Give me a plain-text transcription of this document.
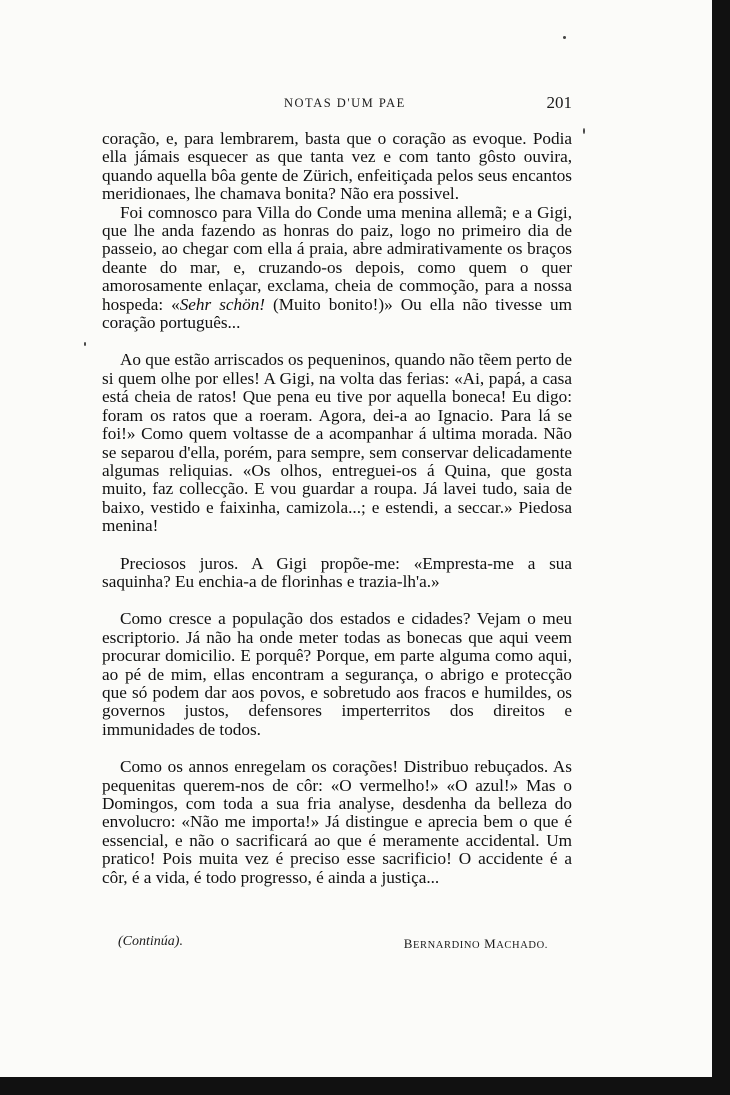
NOTAS D'UM PAE	201

coração, e, para lembrarem, basta que o coração as evoque. Podia ella jámais esquecer as que tanta vez e com tanto gôsto ouvira, quando aquella bôa gente de Zürich, enfeitiçada pelos seus encantos meridionaes, lhe chamava bonita? Não era possivel.

Foi comnosco para Villa do Conde uma menina allemã; e a Gigi, que lhe anda fazendo as honras do paiz, logo no primeiro dia de passeio, ao chegar com ella á praia, abre admirativamente os braços deante do mar, e, cruzando-os depois, como quem o quer amorosamente enlaçar, exclama, cheia de commoção, para a nossa hospeda: «Sehr schön! (Muito bonito!)» Ou ella não tivesse um coração português...

Ao que estão arriscados os pequeninos, quando não tẽem perto de si quem olhe por elles! A Gigi, na volta das ferias: «Ai, papá, a casa está cheia de ratos! Que pena eu tive por aquella boneca! Eu digo: foram os ratos que a roeram. Agora, dei-a ao Ignacio. Para lá se foi!» Como quem voltasse de a acompanhar á ultima morada. Não se separou d'ella, porém, para sempre, sem conservar delicadamente algumas reliquias. «Os olhos, entreguei-os á Quina, que gosta muito, faz collecção. E vou guardar a roupa. Já lavei tudo, saia de baixo, vestido e faixinha, camizola...; e estendi, a seccar.» Piedosa menina!

Preciosos juros. A Gigi propõe-me: «Empresta-me a sua saquinha? Eu enchia-a de florinhas e trazia-lh'a.»

Como cresce a população dos estados e cidades? Vejam o meu escriptorio. Já não ha onde meter todas as bonecas que aqui veem procurar domicilio. E porquê? Porque, em parte alguma como aqui, ao pé de mim, ellas encontram a segurança, o abrigo e protecção que só podem dar aos povos, e sobretudo aos fracos e humildes, os governos justos, defensores imperterritos dos direitos e immunidades de todos.

Como os annos enregelam os corações! Distribuo rebuçados. As pequenitas querem-nos de côr: «O vermelho!» «O azul!» Mas o Domingos, com toda a sua fria analyse, desdenha da belleza do envolucro: «Não me importa!» Já distingue e aprecia bem o que é essencial, e não o sacrificará ao que é meramente accidental. Um pratico! Pois muita vez é preciso esse sacrificio! O accidente é a côr, é a vida, é todo progresso, é ainda a justiça...

(Continúa).	BERNARDINO MACHADO.
